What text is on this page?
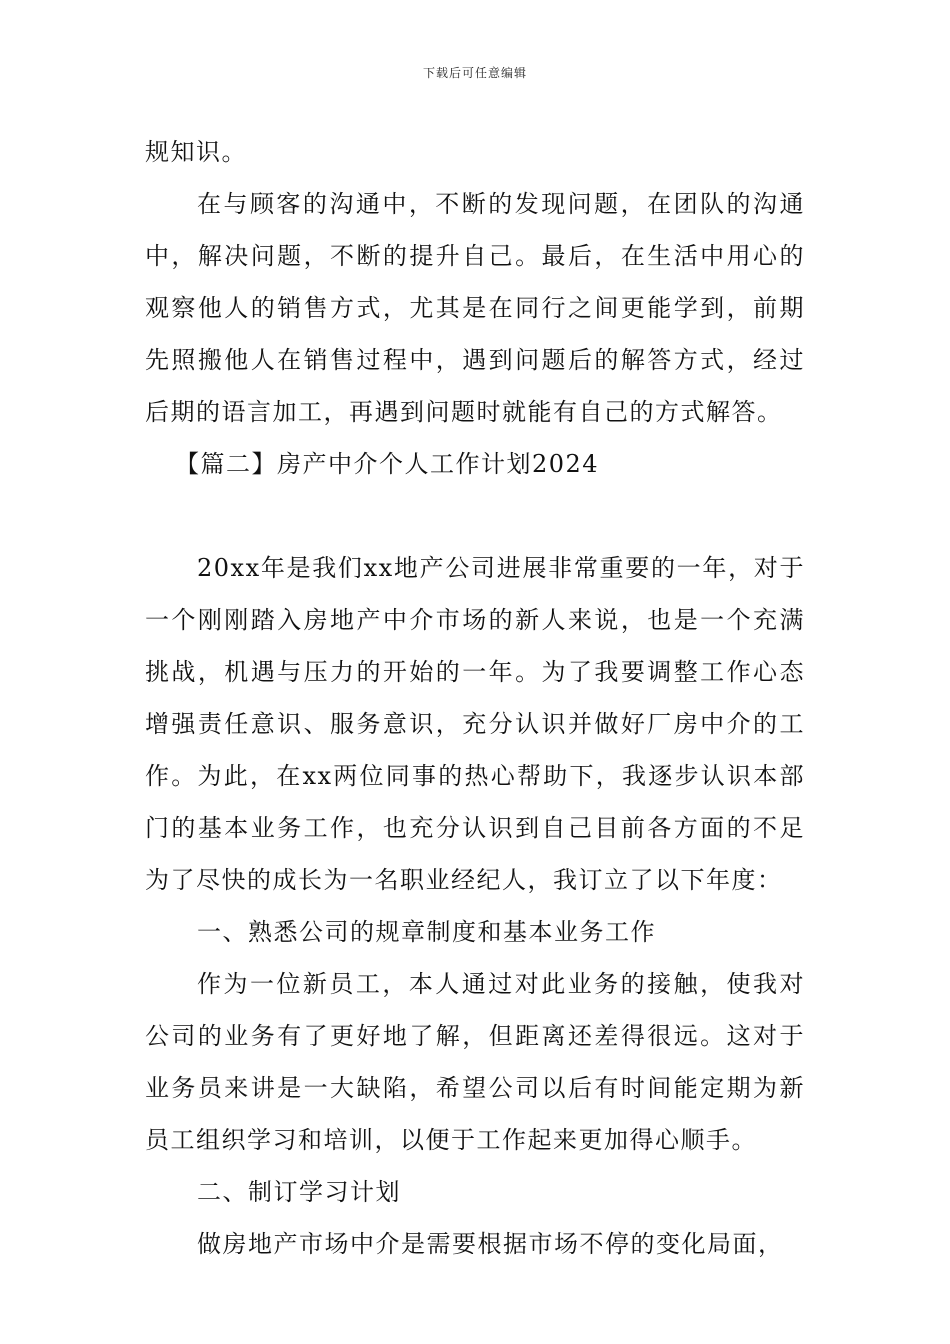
下载后可任意编辑

规知识。

在与顾客的沟通中，不断的发现问题，在团队的沟通中，解决问题，不断的提升自己。最后，在生活中用心的观察他人的销售方式，尤其是在同行之间更能学到，前期先照搬他人在销售过程中，遇到问题后的解答方式，经过后期的语言加工，再遇到问题时就能有自己的方式解答。

【篇二】房产中介个人工作计划2024

20xx年是我们xx地产公司进展非常重要的一年，对于一个刚刚踏入房地产中介市场的新人来说，也是一个充满挑战，机遇与压力的开始的一年。为了我要调整工作心态增强责任意识、服务意识，充分认识并做好厂房中介的工作。为此，在xx两位同事的热心帮助下，我逐步认识本部门的基本业务工作，也充分认识到自己目前各方面的不足为了尽快的成长为一名职业经纪人，我订立了以下年度：

一、熟悉公司的规章制度和基本业务工作

作为一位新员工，本人通过对此业务的接触，使我对公司的业务有了更好地了解，但距离还差得很远。这对于业务员来讲是一大缺陷，希望公司以后有时间能定期为新员工组织学习和培训，以便于工作起来更加得心顺手。

二、制订学习计划

做房地产市场中介是需要根据市场不停的变化局面，
